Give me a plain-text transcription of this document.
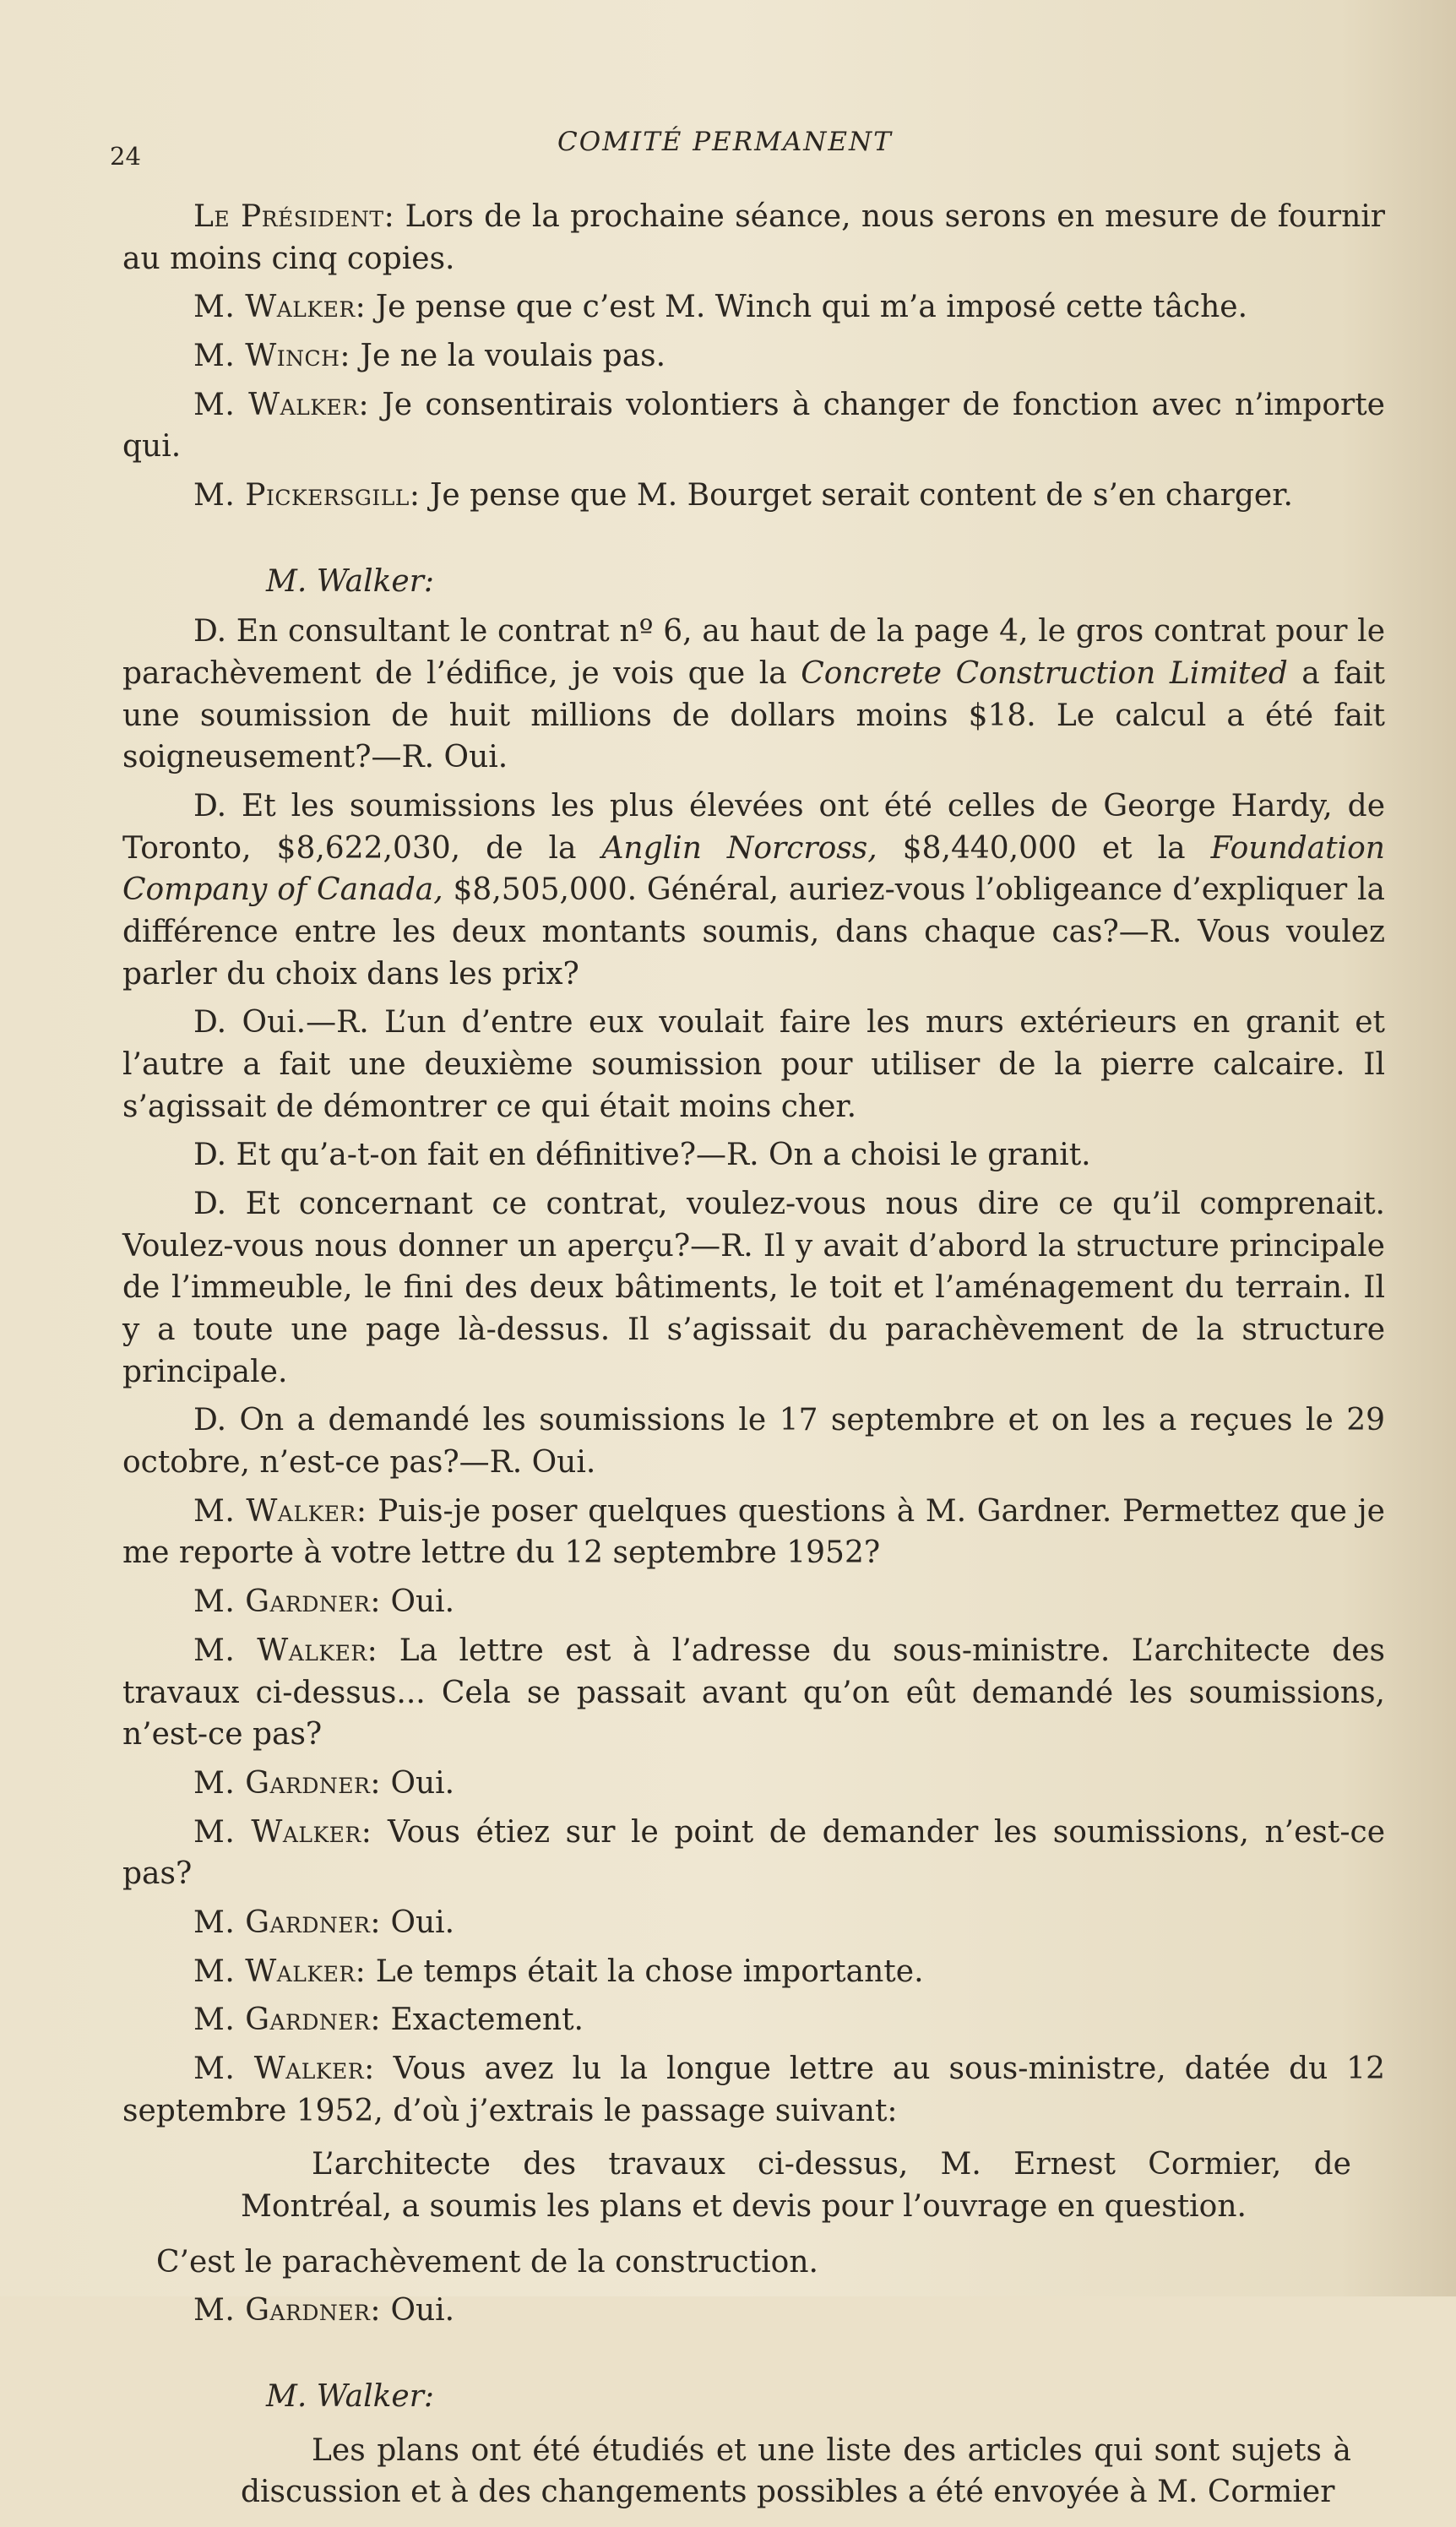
24	COMITÉ PERMANENT

Le Président: Lors de la prochaine séance, nous serons en mesure de fournir au moins cinq copies.

M. Walker: Je pense que c’est M. Winch qui m’a imposé cette tâche.

M. Winch: Je ne la voulais pas.

M. Walker: Je consentirais volontiers à changer de fonction avec n’importe qui.

M. Pickersgill: Je pense que M. Bourget serait content de s’en charger.

M. Walker:

D. En consultant le contrat nº 6, au haut de la page 4, le gros contrat pour le parachèvement de l’édifice, je vois que la Concrete Construction Limited a fait une soumission de huit millions de dollars moins $18. Le calcul a été fait soigneusement?—R. Oui.

D. Et les soumissions les plus élevées ont été celles de George Hardy, de Toronto, $8,622,030, de la Anglin Norcross, $8,440,000 et la Foundation Company of Canada, $8,505,000. Général, auriez-vous l’obligeance d’expliquer la différence entre les deux montants soumis, dans chaque cas?—R. Vous voulez parler du choix dans les prix?

D. Oui.—R. L’un d’entre eux voulait faire les murs extérieurs en granit et l’autre a fait une deuxième soumission pour utiliser de la pierre calcaire. Il s’agissait de démontrer ce qui était moins cher.

D. Et qu’a-t-on fait en définitive?—R. On a choisi le granit.

D. Et concernant ce contrat, voulez-vous nous dire ce qu’il comprenait. Voulez-vous nous donner un aperçu?—R. Il y avait d’abord la structure principale de l’immeuble, le fini des deux bâtiments, le toit et l’aménagement du terrain. Il y a toute une page là-dessus. Il s’agissait du parachèvement de la structure principale.

D. On a demandé les soumissions le 17 septembre et on les a reçues le 29 octobre, n’est-ce pas?—R. Oui.

M. Walker: Puis-je poser quelques questions à M. Gardner. Permettez que je me reporte à votre lettre du 12 septembre 1952?

M. Gardner: Oui.

M. Walker: La lettre est à l’adresse du sous-ministre. L’architecte des travaux ci-dessus... Cela se passait avant qu’on eût demandé les soumissions, n’est-ce pas?

M. Gardner: Oui.

M. Walker: Vous étiez sur le point de demander les soumissions, n’est-ce pas?

M. Gardner: Oui.

M. Walker: Le temps était la chose importante.

M. Gardner: Exactement.

M. Walker: Vous avez lu la longue lettre au sous-ministre, datée du 12 septembre 1952, d’où j’extrais le passage suivant:

L’architecte des travaux ci-dessus, M. Ernest Cormier, de Montréal, a soumis les plans et devis pour l’ouvrage en question.

C’est le parachèvement de la construction.

M. Gardner: Oui.

M. Walker:

Les plans ont été étudiés et une liste des articles qui sont sujets à discussion et à des changements possibles a été envoyée à M. Cormier
